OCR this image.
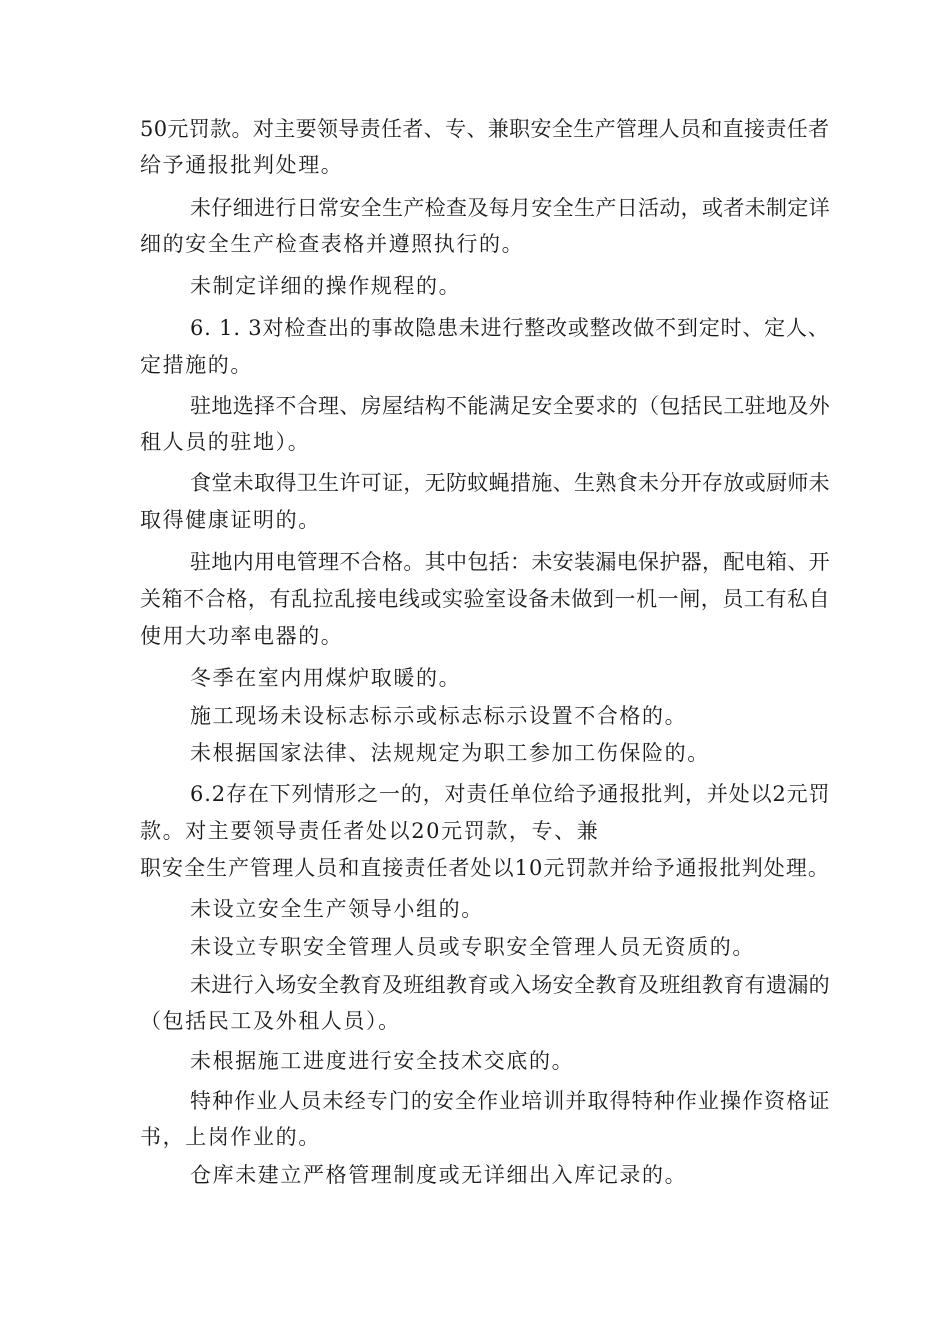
50元罚款。对主要领导责任者、专、兼职安全生产管理人员和直接责任者
给予通报批判处理。
未仔细进行日常安全生产检查及每月安全生产日活动，或者未制定详
细的安全生产检查表格并遵照执行的。
未制定详细的操作规程的。
6. 1. 3对检查出的事故隐患未进行整改或整改做不到定时、定人、
定措施的。
驻地选择不合理、房屋结构不能满足安全要求的（包括民工驻地及外
租人员的驻地）。
食堂未取得卫生许可证，无防蚊蝇措施、生熟食未分开存放或厨师未
取得健康证明的。
驻地内用电管理不合格。其中包括：未安装漏电保护器，配电箱、开
关箱不合格，有乱拉乱接电线或实验室设备未做到一机一闸，员工有私自
使用大功率电器的。
冬季在室内用煤炉取暖的。
施工现场未设标志标示或标志标示设置不合格的。
未根据国家法律、法规规定为职工参加工伤保险的。
6.2存在下列情形之一的，对责任单位给予通报批判，并处以2元罚
款。对主要领导责任者处以20元罚款，专、兼
职安全生产管理人员和直接责任者处以10元罚款并给予通报批判处理。
未设立安全生产领导小组的。
未设立专职安全管理人员或专职安全管理人员无资质的。
未进行入场安全教育及班组教育或入场安全教育及班组教育有遗漏的
（包括民工及外租人员）。
未根据施工进度进行安全技术交底的。
特种作业人员未经专门的安全作业培训并取得特种作业操作资格证
书，上岗作业的。
仓库未建立严格管理制度或无详细出入库记录的。
